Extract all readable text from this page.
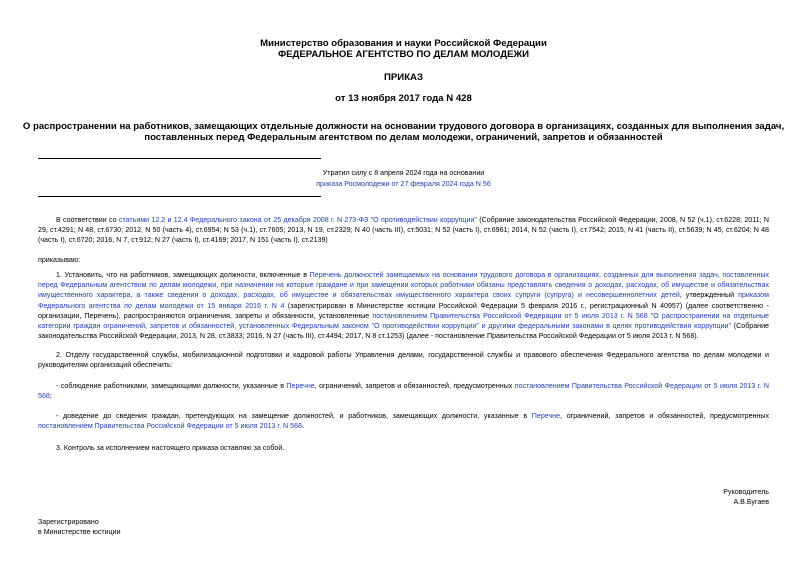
Министерство образования и науки Российской Федерации
ФЕДЕРАЛЬНОЕ АГЕНТСТВО ПО ДЕЛАМ МОЛОДЕЖИ
ПРИКАЗ
от 13 ноября 2017 года N 428
О распространении на работников, замещающих отдельные должности на основании трудового договора в организациях, созданных для выполнения задач,
поставленных перед Федеральным агентством по делам молодежи, ограничений, запретов и обязанностей
Утратил силу с 8 апреля 2024 года на основании
приказа Росмолодежи от 27 февраля 2024 года N 56
В соответствии со статьями 12.2 и 12.4 Федерального закона от 25 декабря 2008 г. N 273-ФЗ "О противодействии коррупции" (Собрание законодательства Российской Федерации, 2008, N 52 (ч.1), ст.6228; 2011; N 29, ст.4291; N 48, ст.6730; 2012, N 50 (часть 4), ст.6954; N 53 (ч.1), ст.7605; 2013, N 19, ст.2329; N 40 (часть III), ст.5031; N 52 (часть I), ст.6961; 2014, N 52 (часть I), ст.7542; 2015, N 41 (часть II), ст.5639; N 45, ст.6204; N 48 (часть I), ст.6720; 2016, N 7, ст.912; N 27 (часть I), ст.4169; 2017, N 151 (часть I), ст.2139)
приказываю:
1. Установить, что на работников, замещающих должности, включенные в Перечень должностей замещаемых на основании трудового договора в организациях, созданных для выполнения задач, поставленных перед Федеральным агентством по делам молодежи, при назначении на которые граждане и при замещении которых работники обязаны представлять сведения о доходах, расходах, об имуществе и обязательствах имущественного характера, а также сведения о доходах, расходах, об имуществе и обязательствах имущественного характера своих супруги (супруга) и несовершеннолетних детей, утвержденный приказом Федерального агентства по делам молодежи от 15 января 2016 г. N 4 (зарегистрирован в Министерстве юстиции Российской Федерации 5 февраля 2016 г., регистрационный N 40957) (далее соответственно - организации, Перечень), распространяются ограничения, запреты и обязанности, установленные постановлением Правительства Российской Федерации от 5 июля 2013 г. N 568 "О распространении на отдельные категории граждан ограничений, запретов и обязанностей, установленных Федеральным законом "О противодействии коррупции" и другими федеральными законами в целях противодействия коррупции" (Собрание законодательства Российской Федерации, 2013, N 28, ст.3833; 2016, N 27 (часть III), ст.4494; 2017, N 8 ст.1253) (далее - постановление Правительства Российской Федерации от 5 июля 2013 г. N 568).
2. Отделу государственной службы, мобилизационной подготовки и кадровой работы Управления делами, государственной службы и правового обеспечения Федерального агентства по делам молодежи и руководителям организаций обеспечить:
- соблюдение работниками, замещающими должности, указанные в Перечне, ограничений, запретов и обязанностей, предусмотренных постановлением Правительства Российской Федерации от 5 июля 2013 г. N 568;
- доведение до сведения граждан, претендующих на замещение должностей, и работников, замещающих должности, указанные в Перечне, ограничений, запретов и обязанностей, предусмотренных постановлением Правительства Российской Федерации от 5 июля 2013 г. N 568.
3. Контроль за исполнением настоящего приказа оставляю за собой.
Руководитель
А.В.Бугаев
Зарегистрировано
в Министерстве юстиции
